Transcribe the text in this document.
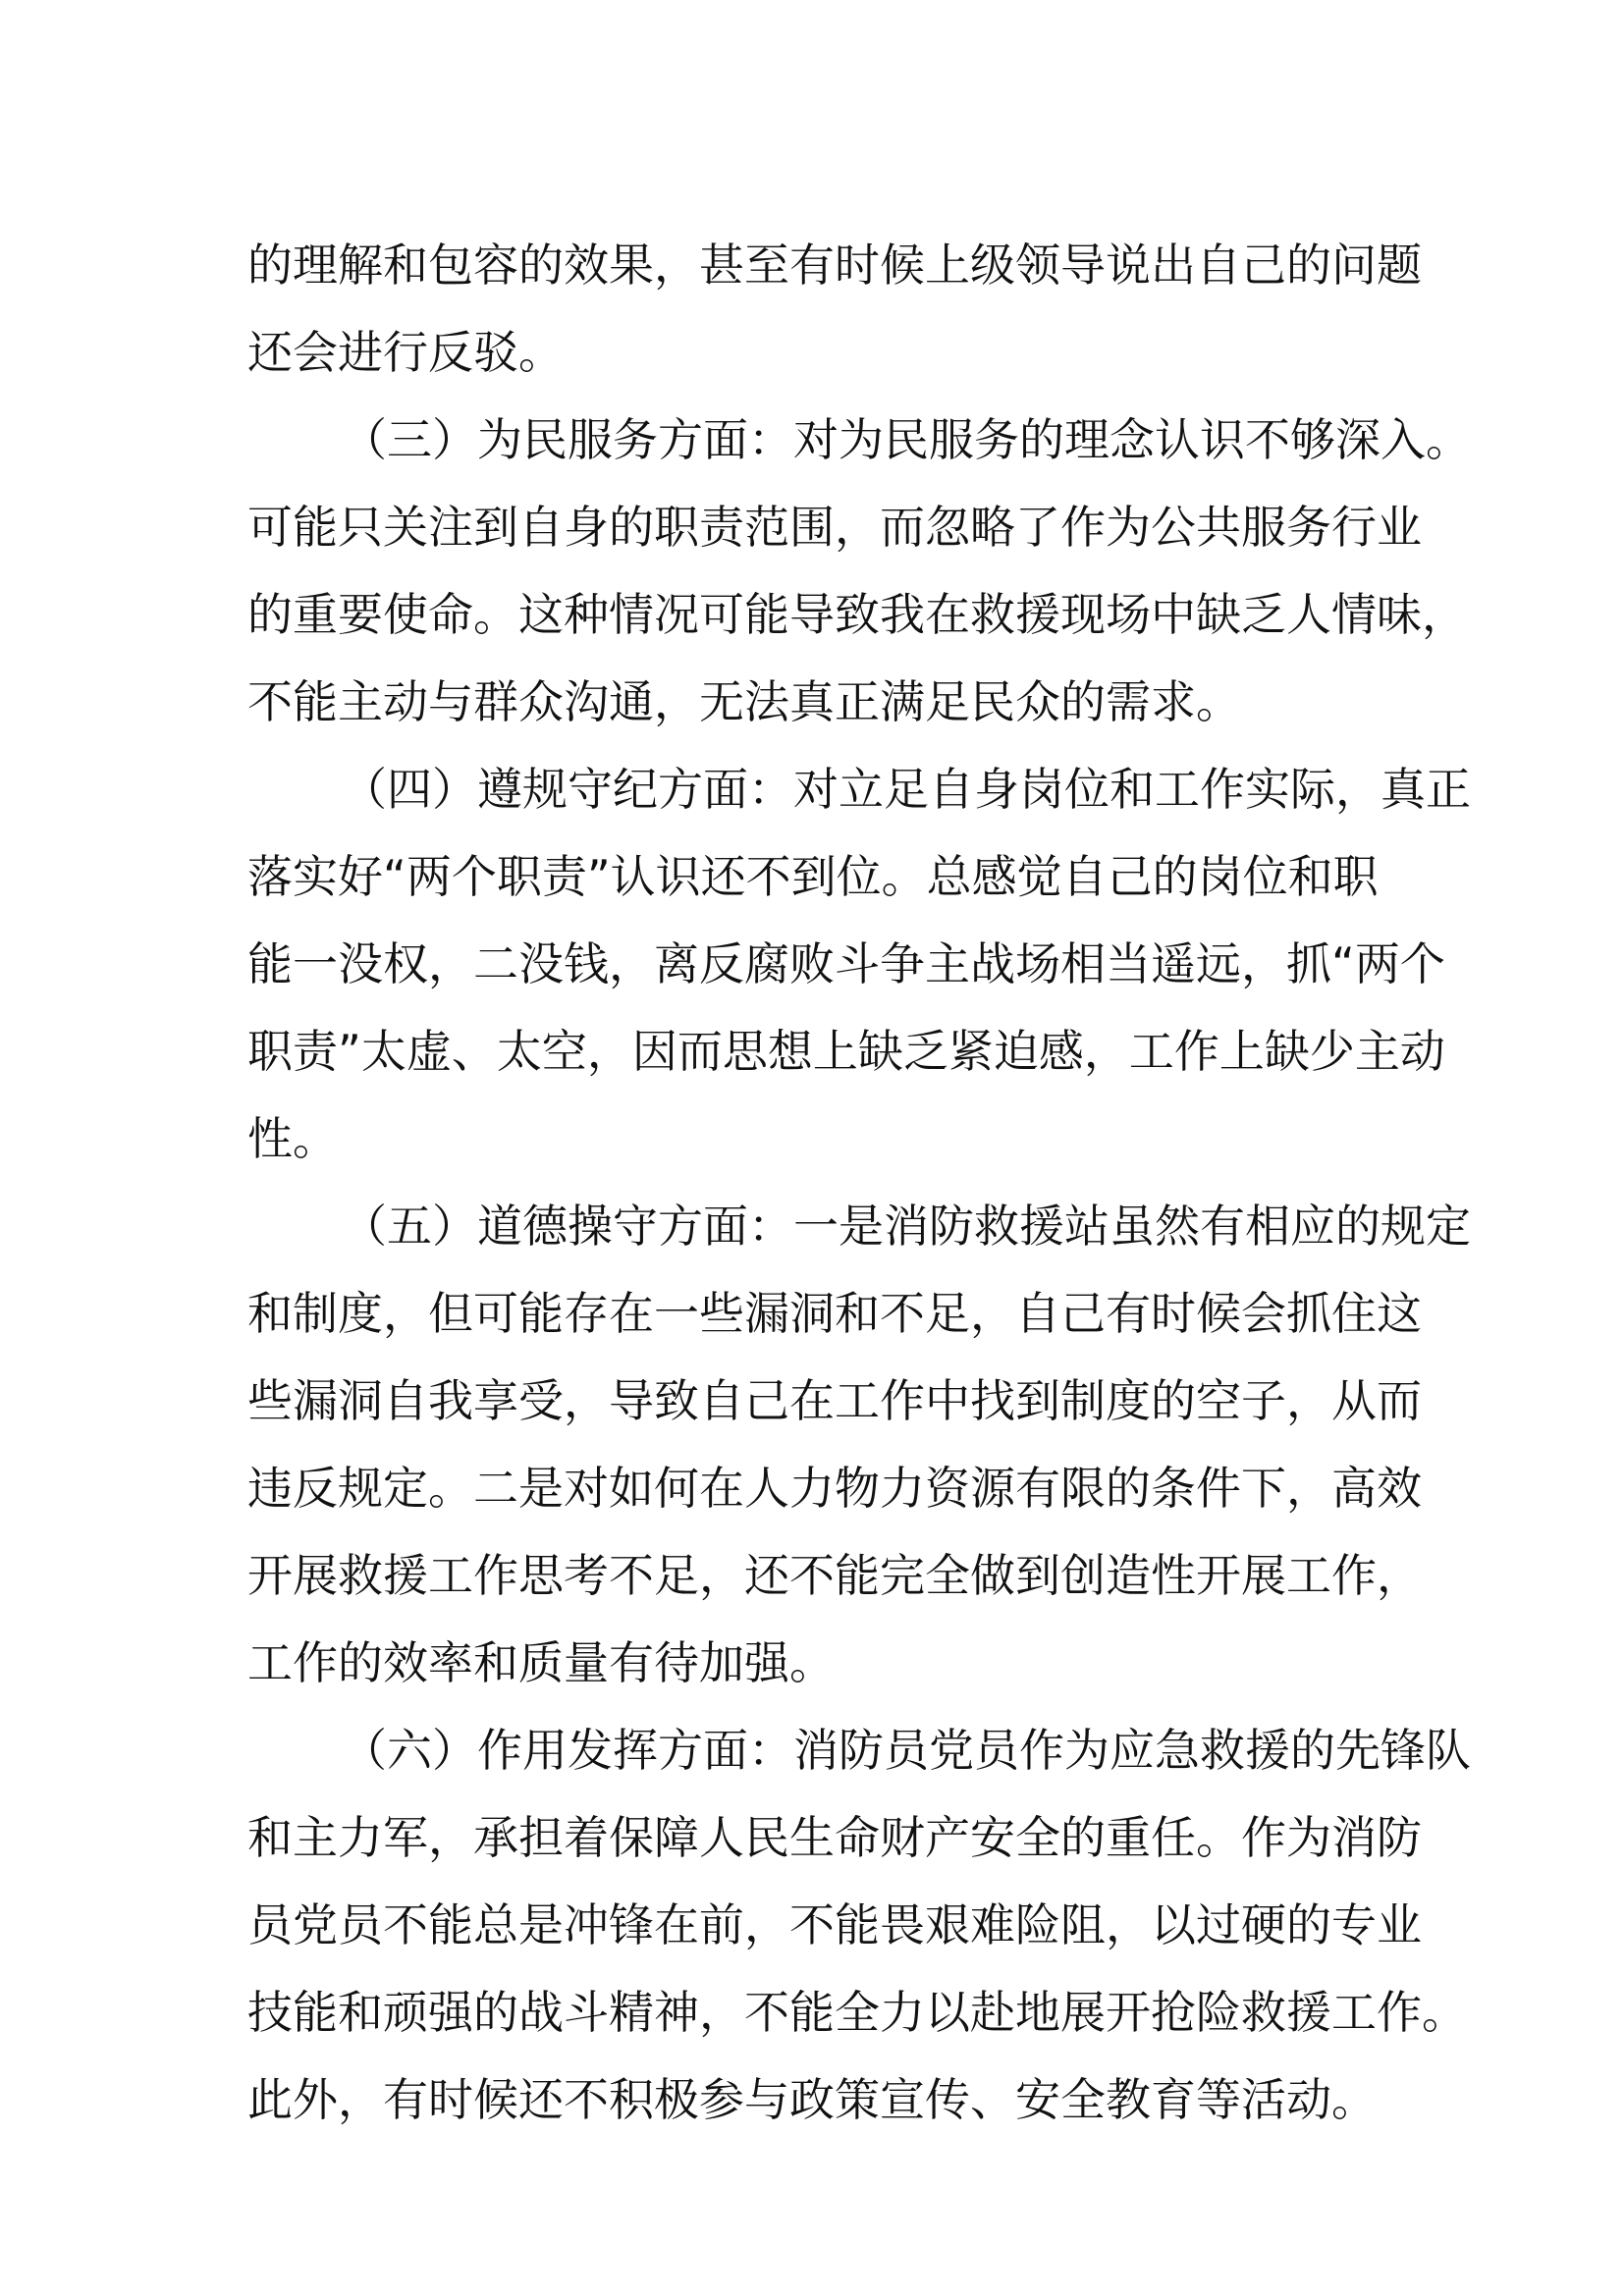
的理解和包容的效果，甚至有时候上级领导说出自己的问题
还会进行反驳。
（三）为民服务方面：对为民服务的理念认识不够深入。
可能只关注到自身的职责范围，而忽略了作为公共服务行业
的重要使命。这种情况可能导致我在救援现场中缺乏人情味，
不能主动与群众沟通，无法真正满足民众的需求。
（四）遵规守纪方面：对立足自身岗位和工作实际，真正
落实好“两个职责”认识还不到位。总感觉自己的岗位和职
能一没权，二没钱，离反腐败斗争主战场相当遥远，抓“两个
职责”太虚、太空，因而思想上缺乏紧迫感，工作上缺少主动
性。
（五）道德操守方面：一是消防救援站虽然有相应的规定
和制度，但可能存在一些漏洞和不足，自己有时候会抓住这
些漏洞自我享受，导致自己在工作中找到制度的空子，从而
违反规定。二是对如何在人力物力资源有限的条件下，高效
开展救援工作思考不足，还不能完全做到创造性开展工作，
工作的效率和质量有待加强。
（六）作用发挥方面：消防员党员作为应急救援的先锋队
和主力军，承担着保障人民生命财产安全的重任。作为消防
员党员不能总是冲锋在前，不能畏艰难险阻，以过硬的专业
技能和顽强的战斗精神，不能全力以赴地展开抢险救援工作。
此外，有时候还不积极参与政策宣传、安全教育等活动。
